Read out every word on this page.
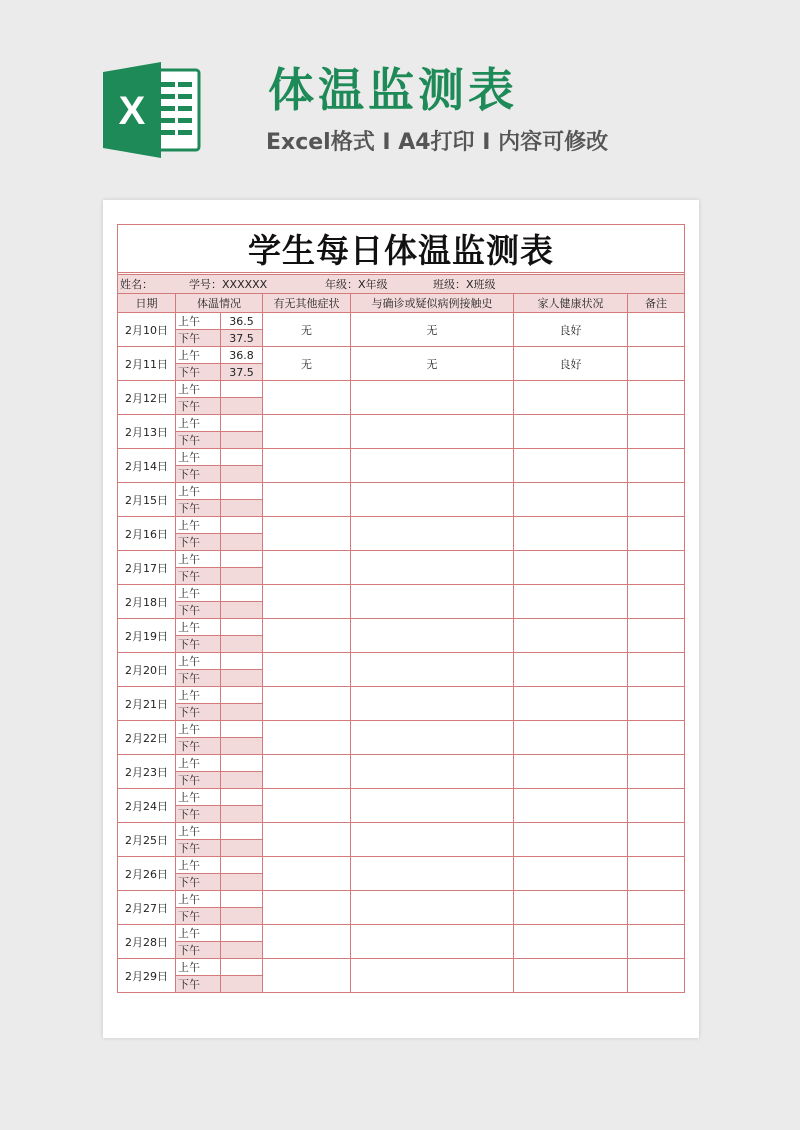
X	体温监测表
Excel格式 I A4打印 I 内容可修改
学生每日体温监测表						

姓名： 学号：XXXXXX 年级：X年级 班级：X班级						
日期	体温情况		有无其他症状	与确诊或疑似病例接触史	家人健康状况	备注
2月10日	上午	36.5	无	无	良好	
	下午	37.5				
2月11日	上午	36.8	无	无	良好	
	下午	37.5				
2月12日	上午					
	下午					
2月13日	上午					
	下午					
2月14日	上午					
	下午					
2月15日	上午					
	下午					
2月16日	上午					
	下午					
2月17日	上午					
	下午					
2月18日	上午					
	下午					
2月19日	上午					
	下午					
2月20日	上午					
	下午					
2月21日	上午					
	下午					
2月22日	上午					
	下午					
2月23日	上午					
	下午					
2月24日	上午					
	下午					
2月25日	上午					
	下午					
2月26日	上午					
	下午					
2月27日	上午					
	下午					
2月28日	上午					
	下午					
2月29日	上午					
	下午					
